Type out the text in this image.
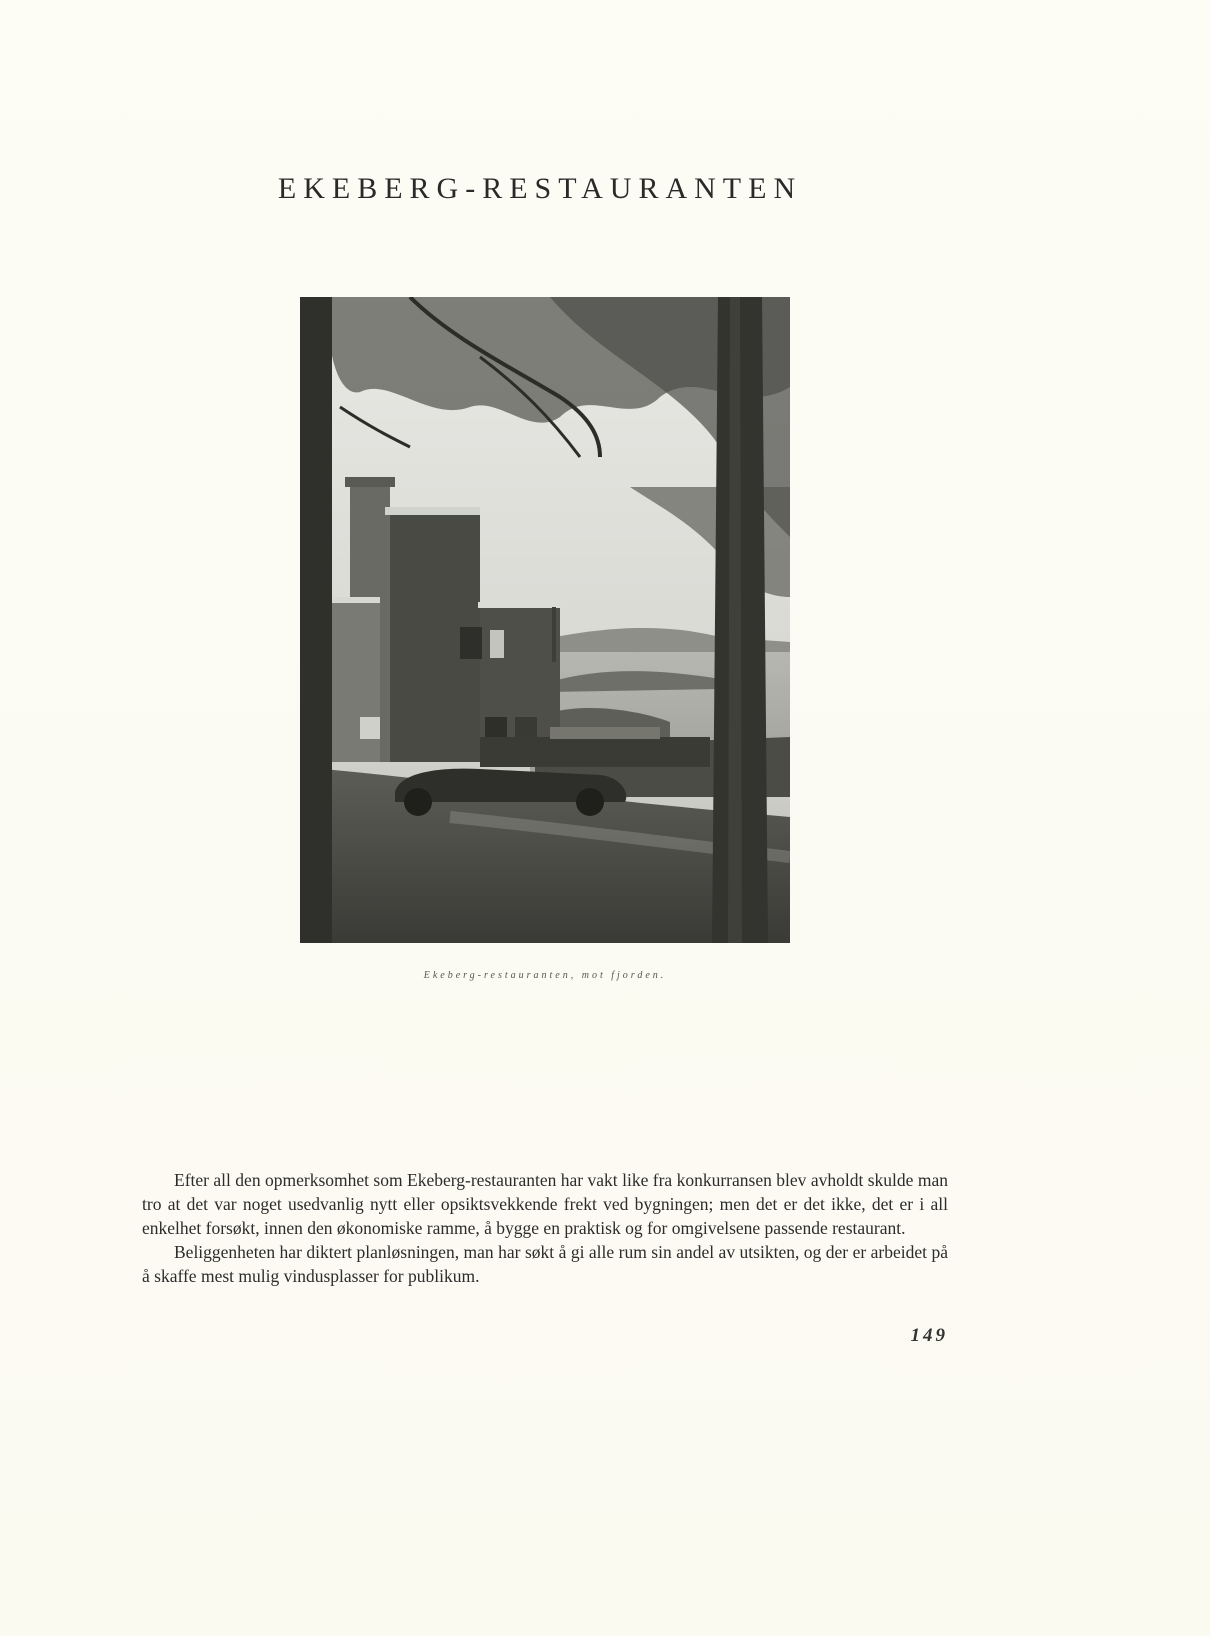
EKEBERG-RESTAURANTEN
Ekeberg-restauranten, mot fjorden.

Efter all den opmerksomhet som Ekeberg-restauranten har vakt like fra konkurransen blev avholdt skulde man tro at det var noget usedvanlig nytt eller opsiktsvekkende frekt ved bygningen; men det er det ikke, det er i all enkelhet forsøkt, innen den økonomiske ramme, å bygge en praktisk og for omgivelsene passende restaurant.

Beliggenheten har diktert planløsningen, man har søkt å gi alle rum sin andel av utsikten, og der er arbeidet på å skaffe mest mulig vindusplasser for publikum.

149
